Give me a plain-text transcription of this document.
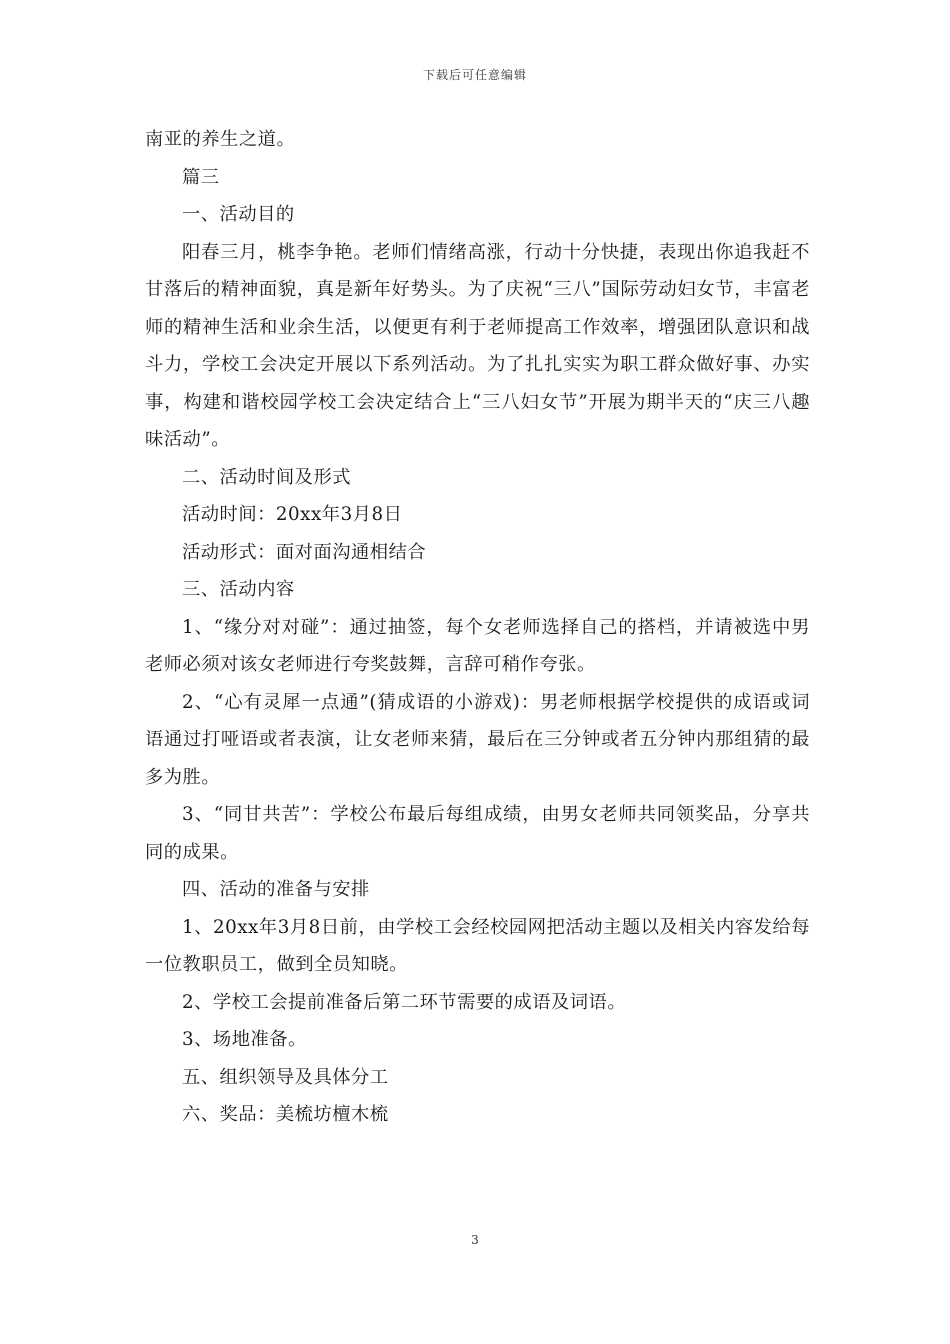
下载后可任意编辑

南亚的养生之道。

篇三

一、活动目的

阳春三月，桃李争艳。老师们情绪高涨，行动十分快捷，表现出你追我赶不甘落后的精神面貌，真是新年好势头。为了庆祝“三八”国际劳动妇女节，丰富老师的精神生活和业余生活，以便更有利于老师提高工作效率，增强团队意识和战斗力，学校工会决定开展以下系列活动。为了扎扎实实为职工群众做好事、办实事，构建和谐校园学校工会决定结合上“三八妇女节”开展为期半天的“庆三八趣味活动”。

二、活动时间及形式

活动时间：20xx年3月8日

活动形式：面对面沟通相结合

三、活动内容

1、“缘分对对碰”：通过抽签，每个女老师选择自己的搭档，并请被选中男老师必须对该女老师进行夸奖鼓舞，言辞可稍作夸张。

2、“心有灵犀一点通”(猜成语的小游戏)：男老师根据学校提供的成语或词语通过打哑语或者表演，让女老师来猜，最后在三分钟或者五分钟内那组猜的最多为胜。

3、“同甘共苦”：学校公布最后每组成绩，由男女老师共同领奖品，分享共同的成果。

四、活动的准备与安排

1、20xx年3月8日前，由学校工会经校园网把活动主题以及相关内容发给每一位教职员工，做到全员知晓。

2、学校工会提前准备后第二环节需要的成语及词语。

3、场地准备。

五、组织领导及具体分工

六、奖品：美梳坊檀木梳

3
